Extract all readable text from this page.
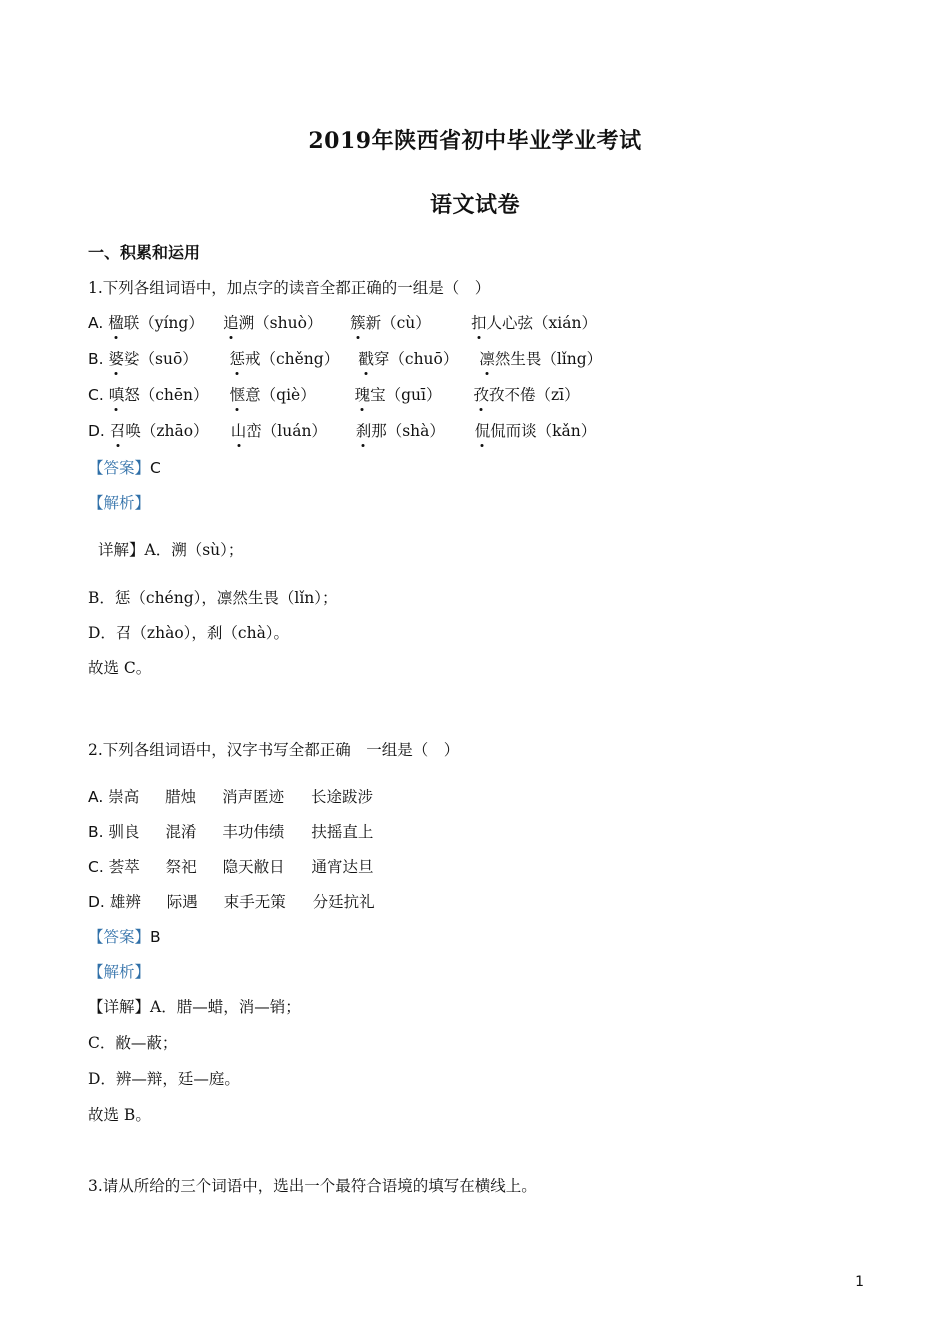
2019年陕西省初中毕业学业考试
语文试卷
一、积累和运用
1.下列各组词语中，加点字的读音全都正确的一组是（　）
A. 楹联（yíng） 追溯（shuò） 簇新（cù）	扣人心弦（xián）
B. 婆娑（suō） 惩戒（chěng） 戳穿（chuō） 凛然生畏（lǐng）
C. 嗔怒（chēn） 惬意（qiè）	瑰宝（guī） 孜孜不倦（zī）
D. 召唤（zhāo） 山峦（luán） 刹那（shà） 侃侃而谈（kǎn）
【答案】C
【解析】
详解】A．溯（sù）；
B．惩（chéng），凛然生畏（lǐn）；
D．召（zhào），刹（chà）。
故选 C。
2.下列各组词语中，汉字书写全都正确　一组是（　）
A. 崇高 腊烛 消声匿迹 长途跋涉
B. 驯良 混淆 丰功伟绩 扶摇直上
C. 荟萃 祭祀 隐天敝日 通宵达旦
D. 雄辨 际遇 束手无策 分廷抗礼
【答案】B
【解析】
【详解】A．腊—蜡，消—销；
C．敝—蔽；
D．辨—辩，廷—庭。
故选 B。
3.请从所给的三个词语中，选出一个最符合语境的填写在横线上。
1
